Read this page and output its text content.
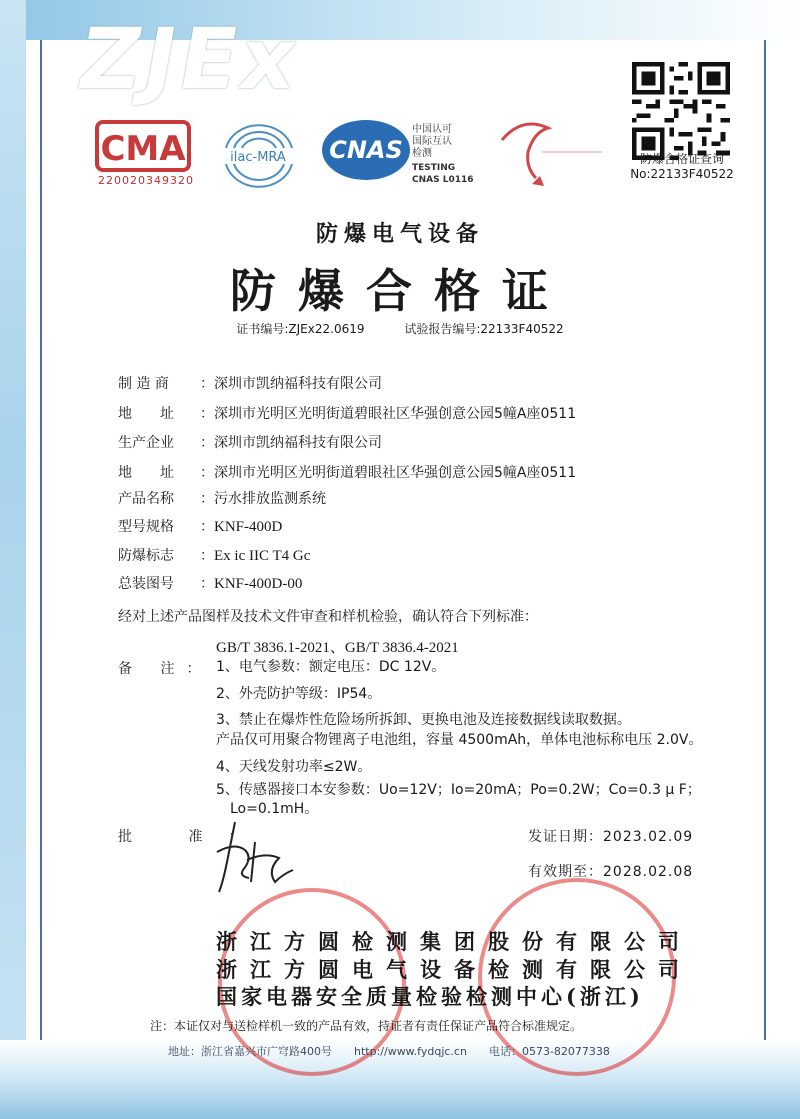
ZJEx
CMA
220020349320
ilac-MRA CNAS
中国认可
国际互认
检测
TESTING
CNAS L0116
防爆合格证查询
No:22133F40522
防爆电气设备
防爆合格证
证书编号:ZJEx22.0619	试验报告编号:22133F40522
制 造 商 ：深圳市凯纳福科技有限公司
地　　址 ：深圳市光明区光明街道碧眼社区华强创意公园5幢A座0511
生产企业 ：深圳市凯纳福科技有限公司
地　　址 ：深圳市光明区光明街道碧眼社区华强创意公园5幢A座0511
产品名称 ：污水排放监测系统
型号规格 ：KNF-400D
防爆标志 ：Ex ic IIC T4 Gc
总装图号 ：KNF-400D-00
经对上述产品图样及技术文件审查和样机检验，确认符合下列标准：
GB/T 3836.1-2021、GB/T 3836.4-2021
备 注： 1、电气参数：额定电压：DC 12V。
2、外壳防护等级：IP54。
3、禁止在爆炸性危险场所拆卸、更换电池及连接数据线读取数据。
产品仅可用聚合物锂离子电池组，容量 4500mAh，单体电池标称电压 2.0V。
4、天线发射功率≤2W。
5、传感器接口本安参数：Uo=12V；Io=20mA；Po=0.2W；Co=0.3 μ F；
Lo=0.1mH。
批 准：	发证日期：2023.02.09
有效期至：2028.02.08
浙江方圆检测集团股份有限公司
浙江方圆电气设备检测有限公司
国家电器安全质量检验检测中心(浙江)
注：本证仅对与送检样机一致的产品有效，持证者有责任保证产品符合标准规定。
地址：浙江省嘉兴市广穹路400号　　http://www.fydqjc.cn　　电话：0573-82077338
